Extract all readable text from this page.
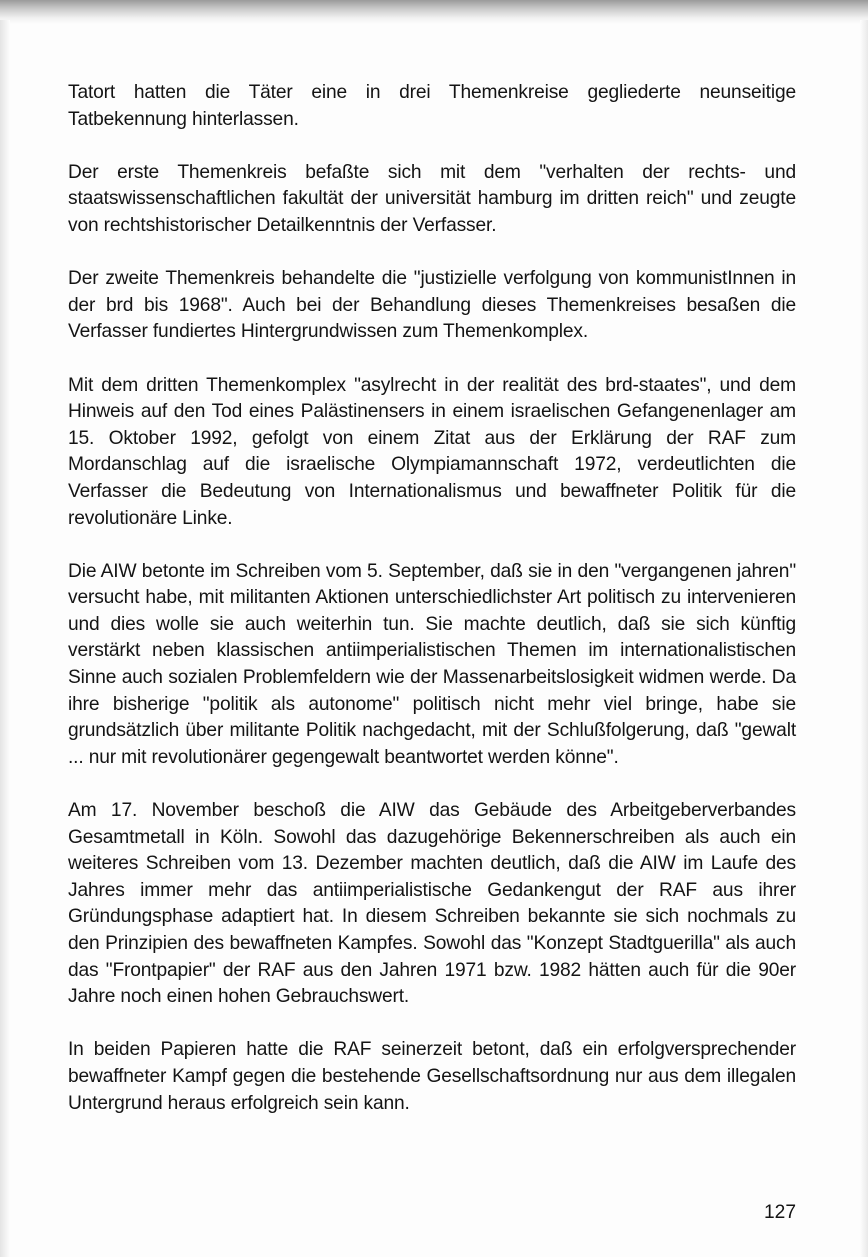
Tatort hatten die Täter eine in drei Themenkreise gegliederte neunseitige Tatbekennung hinterlassen.

Der erste Themenkreis befaßte sich mit dem "verhalten der rechts- und staatswissenschaftlichen fakultät der universität hamburg im dritten reich" und zeugte von rechtshistorischer Detailkenntnis der Verfasser.

Der zweite Themenkreis behandelte die "justizielle verfolgung von kommunistInnen in der brd bis 1968". Auch bei der Behandlung dieses Themenkreises besaßen die Verfasser fundiertes Hintergrundwissen zum Themenkomplex.

Mit dem dritten Themenkomplex "asylrecht in der realität des brd-staates", und dem Hinweis auf den Tod eines Palästinensers in einem israelischen Gefangenenlager am 15. Oktober 1992, gefolgt von einem Zitat aus der Erklärung der RAF zum Mordanschlag auf die israelische Olympiamannschaft 1972, verdeutlichten die Verfasser die Bedeutung von Internationalismus und bewaffneter Politik für die revolutionäre Linke.

Die AIW betonte im Schreiben vom 5. September, daß sie in den "vergangenen jahren" versucht habe, mit militanten Aktionen unterschiedlichster Art politisch zu intervenieren und dies wolle sie auch weiterhin tun. Sie machte deutlich, daß sie sich künftig verstärkt neben klassischen antiimperialistischen Themen im internationalistischen Sinne auch sozialen Problemfeldern wie der Massenarbeitslosigkeit widmen werde. Da ihre bisherige "politik als autonome" politisch nicht mehr viel bringe, habe sie grundsätzlich über militante Politik nachgedacht, mit der Schlußfolgerung, daß "gewalt ... nur mit revolutionärer gegengewalt beantwortet werden könne".

Am 17. November beschoß die AIW das Gebäude des Arbeitgeberverbandes Gesamtmetall in Köln. Sowohl das dazugehörige Bekennerschreiben als auch ein weiteres Schreiben vom 13. Dezember machten deutlich, daß die AIW im Laufe des Jahres immer mehr das antiimperialistische Gedankengut der RAF aus ihrer Gründungsphase adaptiert hat. In diesem Schreiben bekannte sie sich nochmals zu den Prinzipien des bewaffneten Kampfes. Sowohl das "Konzept Stadtguerilla" als auch das "Frontpapier" der RAF aus den Jahren 1971 bzw. 1982 hätten auch für die 90er Jahre noch einen hohen Gebrauchswert.

In beiden Papieren hatte die RAF seinerzeit betont, daß ein erfolgversprechender bewaffneter Kampf gegen die bestehende Gesellschaftsordnung nur aus dem illegalen Untergrund heraus erfolgreich sein kann.

127
